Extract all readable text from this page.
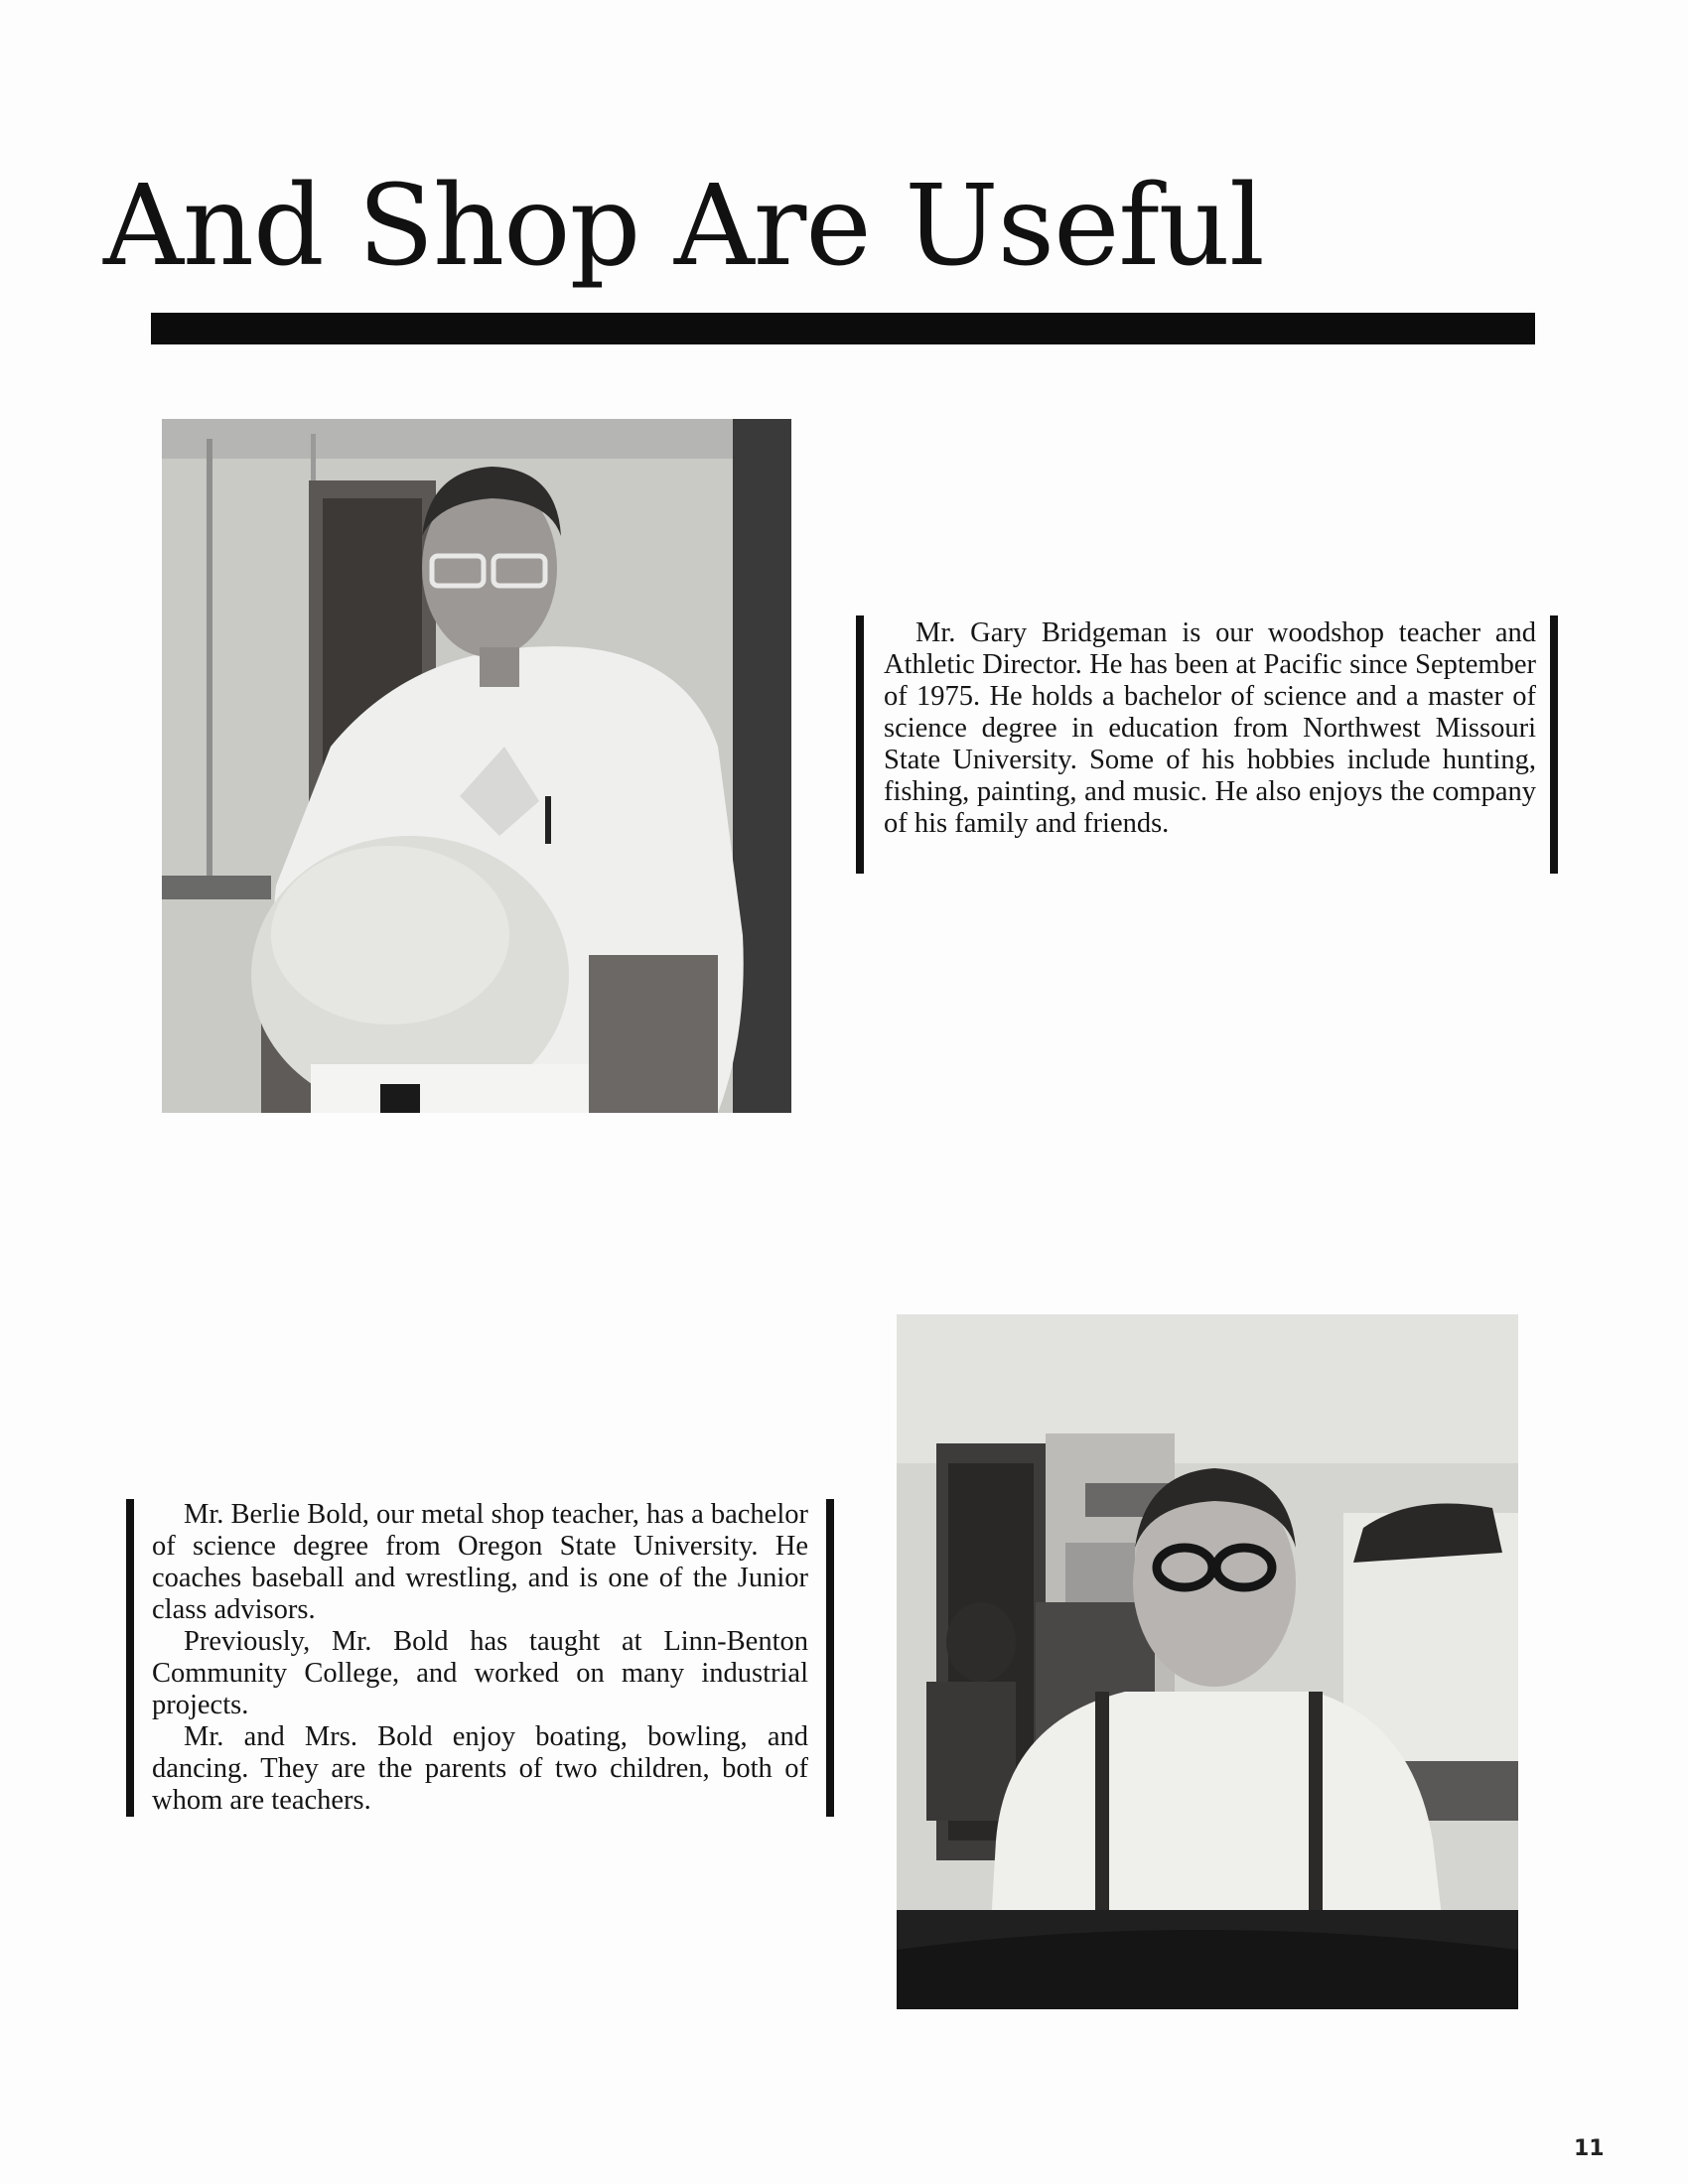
And Shop Are Useful

Mr. Gary Bridgeman is our woodshop teacher and Athletic Director. He has been at Pacific since September of 1975. He holds a bachelor of science and a master of science degree in education from Northwest Missouri State University. Some of his hobbies include hunting, fishing, painting, and music. He also enjoys the company of his family and friends.

Mr. Berlie Bold, our metal shop teacher, has a bachelor of science degree from Oregon State University. He coaches baseball and wrestling, and is one of the Junior class advisors.

Previously, Mr. Bold has taught at Linn-Benton Community College, and worked on many industrial projects.

Mr. and Mrs. Bold enjoy boating, bowling, and dancing. They are the parents of two children, both of whom are teachers.

11
